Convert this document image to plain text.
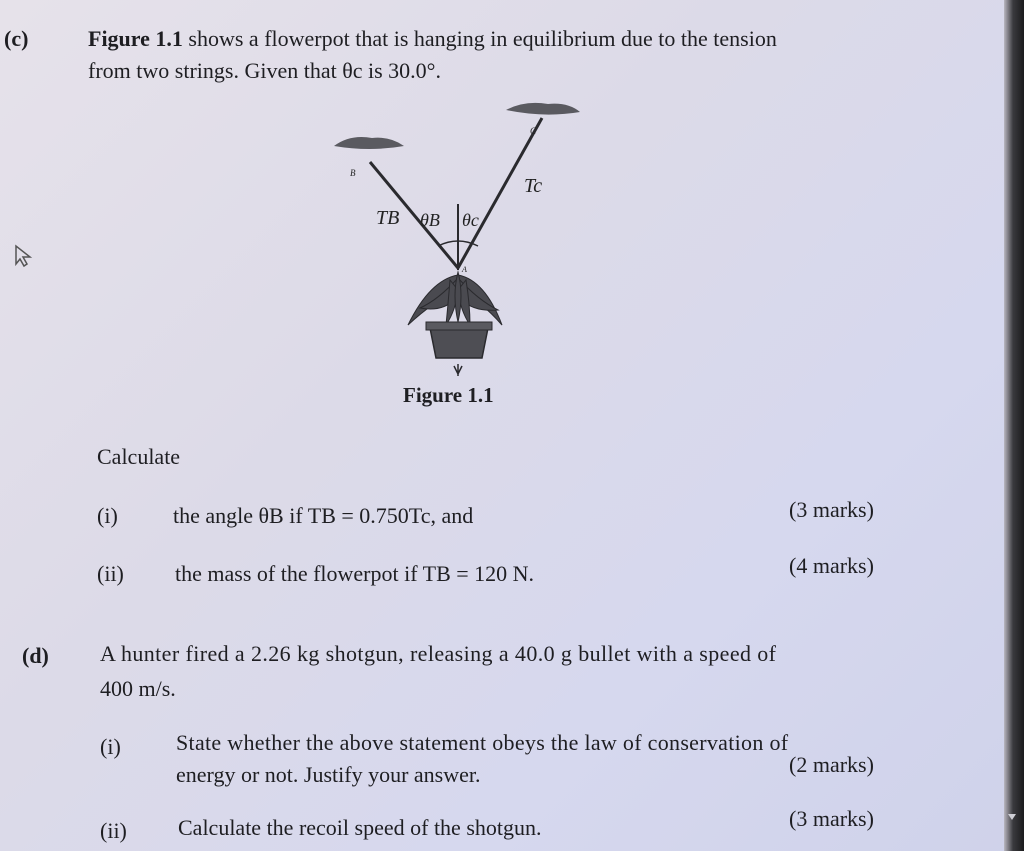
(c)	Figure 1.1 shows a flowerpot that is hanging in equilibrium due to the tension
from two strings. Given that θc is 30.0°.
B
C
A
TB
Tc
θB θc
Figure 1.1
Calculate
(i)	the angle θB if TB = 0.750Tc, and	(3 marks)
(ii) the mass of the flowerpot if TB = 120 N.	(4 marks)
(d) A hunter fired a 2.26 kg shotgun, releasing a 40.0 g bullet with a speed of
400 m/s.
(i)	State whether the above statement obeys the law of conservation of
energy or not. Justify your answer.	(2 marks)
(ii) Calculate the recoil speed of the shotgun.	(3 marks)
